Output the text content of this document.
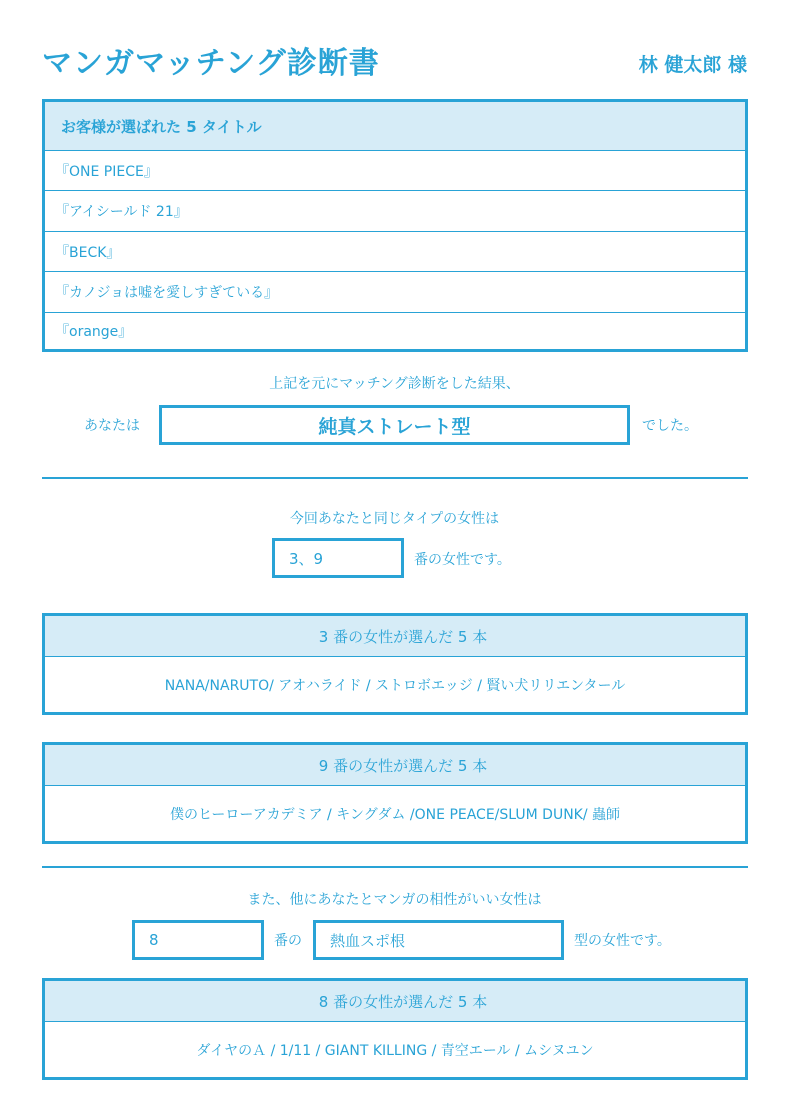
マンガマッチング診断書	林 健太郎 様
お客様が選ばれた 5 タイトル
『ONE PIECE』
『アイシールド 21』
『BECK』
『カノジョは嘘を愛しすぎている』
『orange』
上記を元にマッチング診断をした結果、
あなたは	純真ストレート型	でした。
今回あなたと同じタイプの女性は
3、9	番の女性です。
3 番の女性が選んだ 5 本
NANA/NARUTO/ アオハライド / ストロボエッジ / 賢い犬リリエンタール
9 番の女性が選んだ 5 本
僕のヒーローアカデミア / キングダム /ONE PEACE/SLUM DUNK/ 蟲師
また、他にあなたとマンガの相性がいい女性は
8	番の 熱血スポ根	型の女性です。
8 番の女性が選んだ 5 本
ダイヤのＡ / 1/11 / GIANT KILLING / 青空エール / ムシヌユン
